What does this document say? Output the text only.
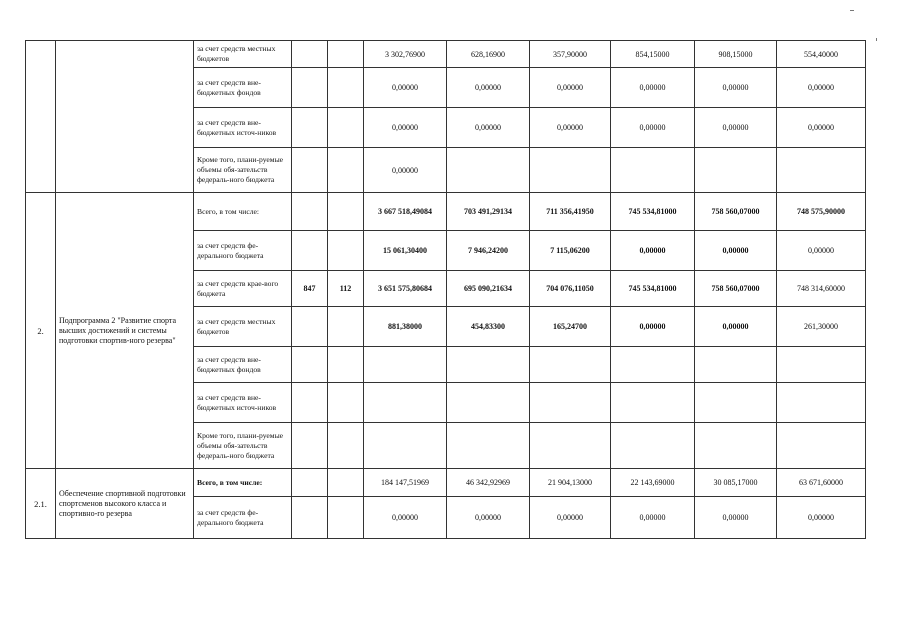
		за счет средств местных бюджетов			3 302,76900	628,16900	357,90000	854,15000	908,15000	554,40000
		за счет средств вне-бюджетных фондов			0,00000	0,00000	0,00000	0,00000	0,00000	0,00000
		за счет средств вне-бюджетных источ-ников			0,00000	0,00000	0,00000	0,00000	0,00000	0,00000
		Кроме того, плани-руемые объемы обя-зательств федераль-ного бюджета			0,00000					
2.	Подпрограмма 2 "Развитие спорта высших достижений и системы подготовки спортив-ного резерва"	Всего, в том числе:			3 667 518,49084	703 491,29134	711 356,41950	745 534,81000	758 560,07000	748 575,90000
		за счет средств фе-дерального бюджета			15 061,30400	7 946,24200	7 115,06200	0,00000	0,00000	0,00000
		за счет средств крае-вого бюджета	847	112	3 651 575,80684	695 090,21634	704 076,11050	745 534,81000	758 560,07000	748 314,60000
		за счет средств местных бюджетов			881,38000	454,83300	165,24700	0,00000	0,00000	261,30000
		за счет средств вне-бюджетных фондов								
		за счет средств вне-бюджетных источ-ников								
		Кроме того, плани-руемые объемы обя-зательств федераль-ного бюджета								
2.1.	Обеспечение спортивной подготовки спортсменов высокого класса и спортивно-го резерва	Всего, в том числе:			184 147,51969	46 342,92969	21 904,13000	22 143,69000	30 085,17000	63 671,60000
		за счет средств фе-дерального бюджета			0,00000	0,00000	0,00000	0,00000	0,00000	0,00000
